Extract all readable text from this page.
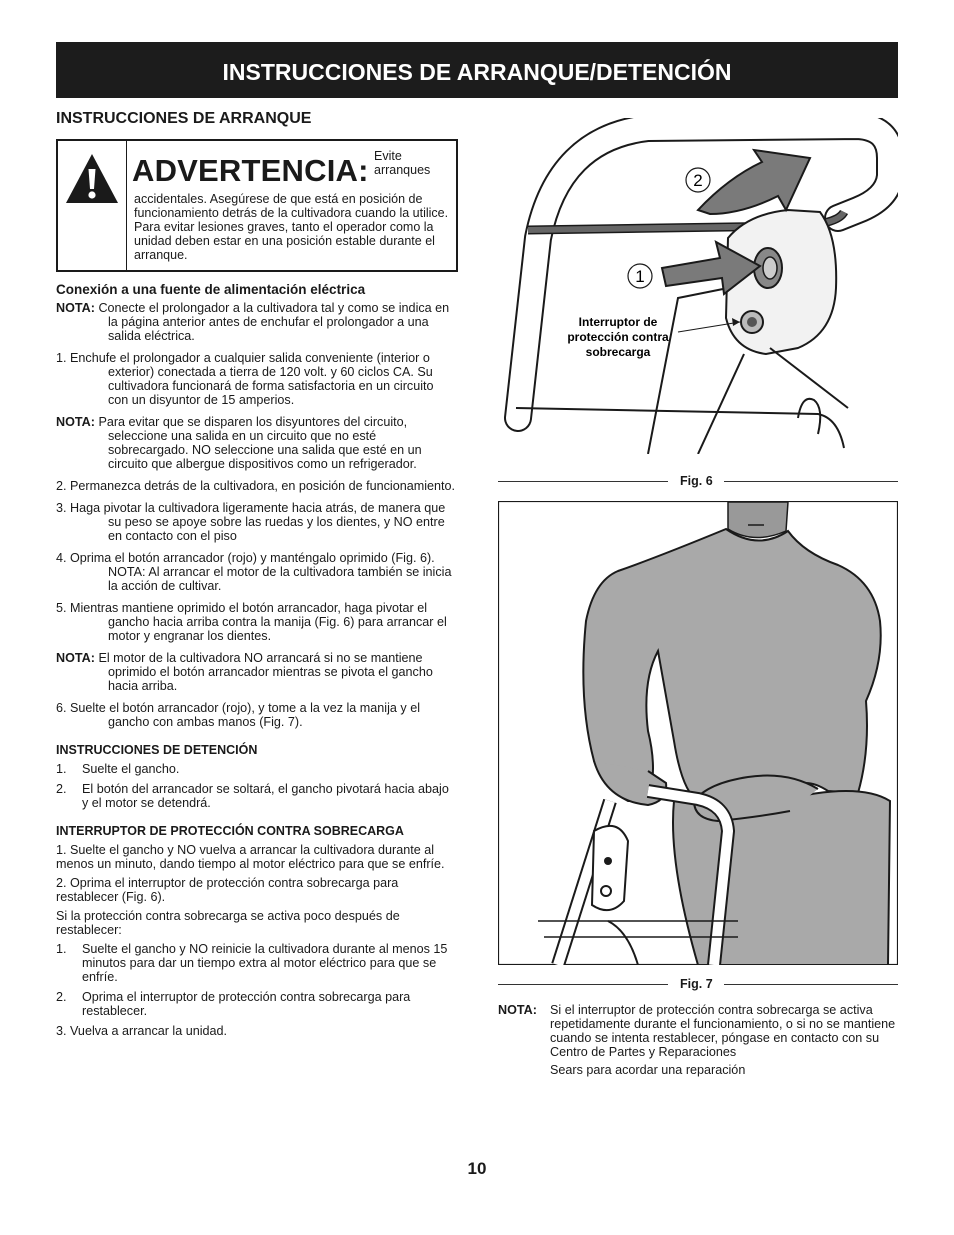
INSTRUCCIONES DE ARRANQUE/DETENCIÓN
INSTRUCCIONES DE ARRANQUE
ADVERTENCIA: Evite arranques
accidentales. Asegúrese de que está en posición de funcionamiento detrás de la cultivadora cuando la utilice. Para evitar lesiones graves, tanto el operador como la unidad deben estar en una posición estable durante el arranque.

Conexión a una fuente de alimentación eléctrica

NOTA: Conecte el prolongador a la cultivadora tal y como se indica en la página anterior antes de enchufar el prolongador a una salida eléctrica.

1. Enchufe el prolongador a cualquier salida conveniente (interior o exterior) conectada a tierra de 120 volt. y 60 ciclos CA. Su cultivadora funcionará de forma satisfactoria en un circuito con un disyuntor de 15 amperios.

NOTA: Para evitar que se disparen los disyuntores del circuito, seleccione una salida en un circuito que no esté sobrecargado. NO seleccione una salida que esté en un circuito que albergue dispositivos como un refrigerador.

2. Permanezca detrás de la cultivadora, en posición de funcionamiento.

3. Haga pivotar la cultivadora ligeramente hacia atrás, de manera que su peso se apoye sobre las ruedas y los dientes, y NO entre en contacto con el piso

4. Oprima el botón arrancador (rojo) y manténgalo oprimido (Fig. 6). NOTA: Al arrancar el motor de la cultivadora también se inicia la acción de cultivar.

5. Mientras mantiene oprimido el botón arrancador, haga pivotar el gancho hacia arriba contra la manija (Fig. 6) para arrancar el motor y engranar los dientes.

NOTA: El motor de la cultivadora NO arrancará si no se mantiene oprimido el botón arrancador mientras se pivota el gancho hacia arriba.

6. Suelte el botón arrancador (rojo), y tome a la vez la manija y el gancho con ambas manos (Fig. 7).

INSTRUCCIONES DE DETENCIÓN

1.	Suelte el gancho.
2.	El botón del arrancador se soltará, el gancho pivotará hacia abajo y el motor se detendrá.

INTERRUPTOR DE PROTECCIÓN CONTRA SOBRECARGA

1. Suelte el gancho y NO vuelva a arrancar la cultivadora durante al menos un minuto, dando tiempo al motor eléctrico para que se enfríe.

2. Oprima el interruptor de protección contra sobrecarga para restablecer (Fig. 6).

Si la protección contra sobrecarga se activa poco después de restablecer:

1.	Suelte el gancho y NO reinicie la cultivadora durante al menos 15 minutos para dar un tiempo extra al motor eléctrico para que se enfríe.
2.	Oprima el interruptor de protección contra sobrecarga para restablecer.

3. Vuelva a arrancar la unidad.

2
1
Interruptor de
protección contra
sobrecarga
Fig. 6
Fig. 7
NOTA:	Si el interruptor de protección contra sobrecarga se activa repetidamente durante el funcionamiento, o si no se mantiene cuando se intenta restablecer, póngase en contacto con su Centro de Partes y Reparaciones
Sears para acordar una reparación
10
